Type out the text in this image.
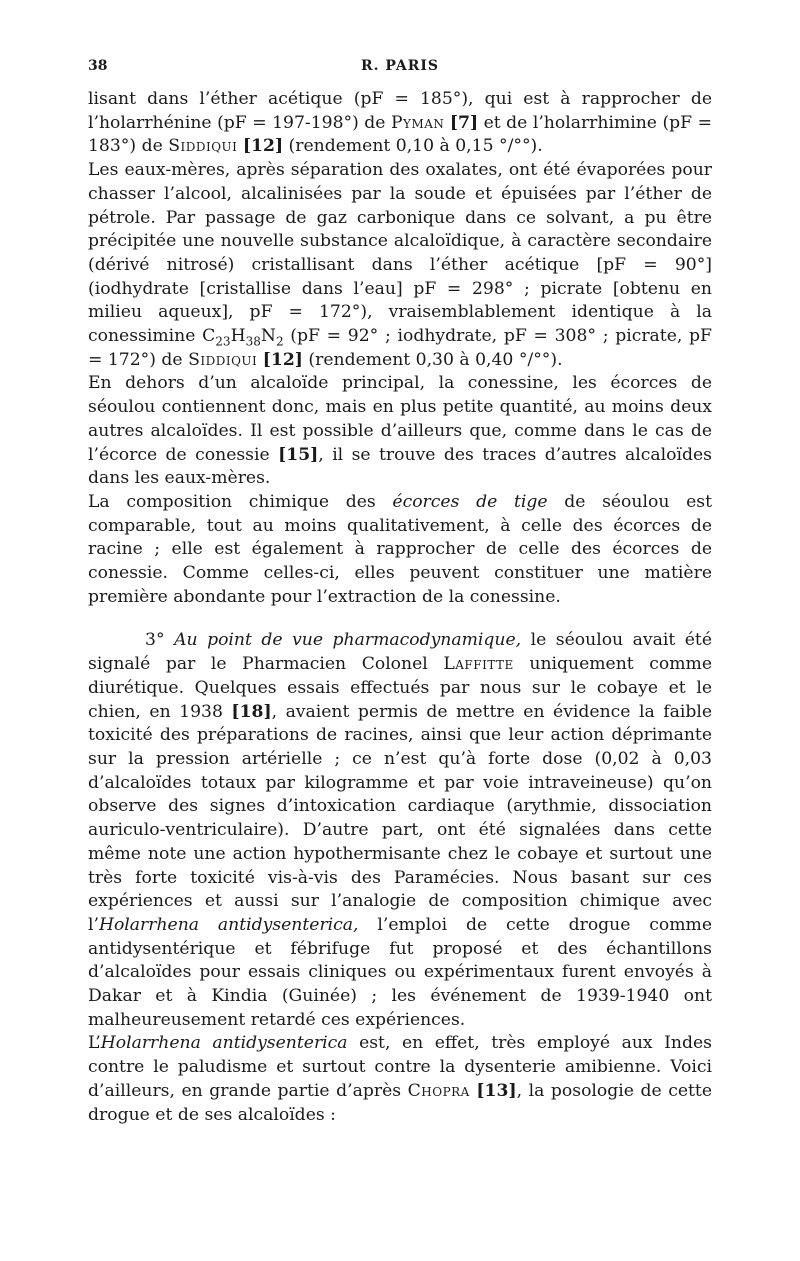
38	R. PARIS

lisant dans l’éther acétique (pF = 185°), qui est à rapprocher de l’holarrhénine (pF = 197-198°) de Pyman [7] et de l’holarrhimine (pF = 183°) de Siddiqui [12] (rendement 0,10 à 0,15 °/°°).

Les eaux-mères, après séparation des oxalates, ont été évaporées pour chasser l’alcool, alcalinisées par la soude et épuisées par l’éther de pétrole. Par passage de gaz carbonique dans ce solvant, a pu être précipitée une nouvelle substance alcaloïdique, à caractère secondaire (dérivé nitrosé) cristallisant dans l’éther acétique [pF = 90°] (iodhydrate [cristallise dans l’eau] pF = 298° ; picrate [obtenu en milieu aqueux], pF = 172°), vraisemblablement identique à la conessimine $C_{23}H_{38}N_2$ (pF = 92° ; iodhydrate, pF = 308° ; picrate, pF = 172°) de Siddiqui [12] (rendement 0,30 à 0,40 °/°°).

En dehors d’un alcaloïde principal, la conessine, les écorces de séoulou contiennent donc, mais en plus petite quantité, au moins deux autres alcaloïdes. Il est possible d’ailleurs que, comme dans le cas de l’écorce de conessie [15], il se trouve des traces d’autres alcaloïdes dans les eaux-mères.

La composition chimique des écorces de tige de séoulou est comparable, tout au moins qualitativement, à celle des écorces de racine ; elle est également à rapprocher de celle des écorces de conessie. Comme celles-ci, elles peuvent constituer une matière première abondante pour l’extraction de la conessine.

3° Au point de vue pharmacodynamique, le séoulou avait été signalé par le Pharmacien Colonel Laffitte uniquement comme diurétique. Quelques essais effectués par nous sur le cobaye et le chien, en 1938 [18], avaient permis de mettre en évidence la faible toxicité des préparations de racines, ainsi que leur action déprimante sur la pression artérielle ; ce n’est qu’à forte dose (0,02 à 0,03 d’alcaloïdes totaux par kilogramme et par voie intraveineuse) qu’on observe des signes d’intoxication cardiaque (arythmie, dissociation auriculo-ventriculaire). D’autre part, ont été signalées dans cette même note une action hypothermisante chez le cobaye et surtout une très forte toxicité vis-à-vis des Paramécies. Nous basant sur ces expériences et aussi sur l’analogie de composition chimique avec l’Holarrhena antidysenterica, l’emploi de cette drogue comme antidysentérique et fébrifuge fut proposé et des échantillons d’alcaloïdes pour essais cliniques ou expérimentaux furent envoyés à Dakar et à Kindia (Guinée) ; les événement de 1939-1940 ont malheureusement retardé ces expériences.

L’Holarrhena antidysenterica est, en effet, très employé aux Indes contre le paludisme et surtout contre la dysenterie amibienne. Voici d’ailleurs, en grande partie d’après Chopra [13], la posologie de cette drogue et de ses alcaloïdes :
